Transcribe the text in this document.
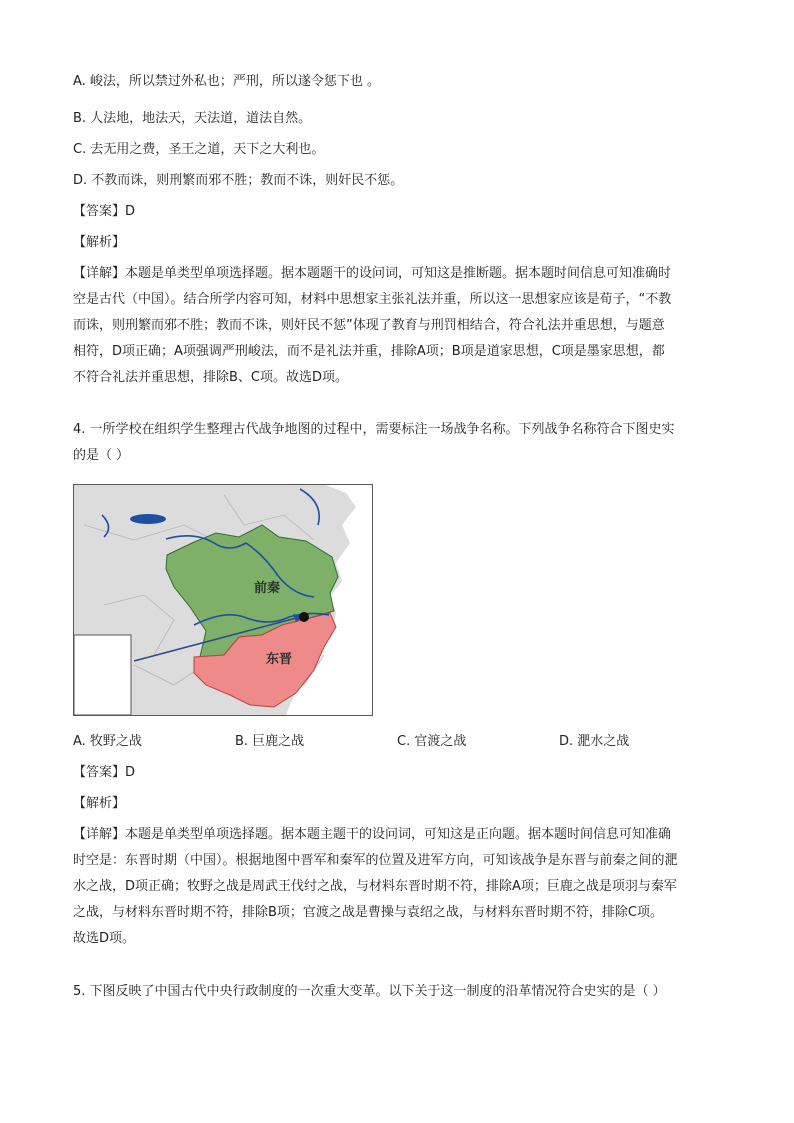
A. 峻法，所以禁过外私也；严刑，所以遂令惩下也 。
B. 人法地，地法天，天法道，道法自然。
C. 去无用之费，圣王之道，天下之大利也。
D. 不教而诛，则刑繁而邪不胜；教而不诛，则奸民不惩。
【答案】D
【解析】
【详解】本题是单类型单项选择题。据本题题干的设问词，可知这是推断题。据本题时间信息可知准确时
空是古代（中国）。结合所学内容可知，材料中思想家主张礼法并重，所以这一思想家应该是荀子，“不教
而诛，则刑繁而邪不胜；教而不诛，则奸民不惩”体现了教育与刑罚相结合，符合礼法并重思想，与题意
相符，D项正确；A项强调严刑峻法，而不是礼法并重，排除A项；B项是道家思想，C项是墨家思想，都
不符合礼法并重思想，排除B、C项。故选D项。
4. 一所学校在组织学生整理古代战争地图的过程中，需要标注一场战争名称。下列战争名称符合下图史实
的是（ ）
前秦
东晋
A. 牧野之战	B. 巨鹿之战	C. 官渡之战	D. 淝水之战
【答案】D
【解析】
【详解】本题是单类型单项选择题。据本题主题干的设问词，可知这是正向题。据本题时间信息可知准确
时空是：东晋时期（中国）。根据地图中晋军和秦军的位置及进军方向，可知该战争是东晋与前秦之间的淝
水之战，D项正确；牧野之战是周武王伐纣之战，与材料东晋时期不符，排除A项；巨鹿之战是项羽与秦军
之战，与材料东晋时期不符，排除B项；官渡之战是曹操与袁绍之战，与材料东晋时期不符，排除C项。
故选D项。
5. 下图反映了中国古代中央行政制度的一次重大变革。以下关于这一制度的沿革情况符合史实的是（ ）
